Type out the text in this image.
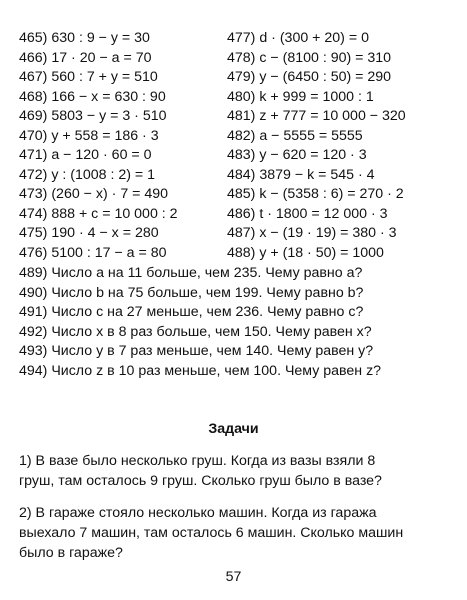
465) 630 : 9 − y = 30
466) 17 · 20 − a = 70
467) 560 : 7 + y = 510
468) 166 − x = 630 : 90
469) 5803 − y = 3 · 510
470) y + 558 = 186 · 3
471) a − 120 · 60 = 0
472) y : (1008 : 2) = 1
473) (260 − x) · 7 = 490
474) 888 + c = 10 000 : 2
475) 190 · 4 − x = 280
476) 5100 : 17 − a = 80
477) d · (300 + 20) = 0
478) c − (8100 : 90) = 310
479) y − (6450 : 50) = 290
480) k + 999 = 1000 : 1
481) z + 777 = 10 000 − 320
482) a − 5555 = 5555
483) y − 620 = 120 · 3
484) 3879 − k = 545 · 4
485) k − (5358 : 6) = 270 · 2
486) t · 1800 = 12 000 · 3
487) x − (19 · 19) = 380 · 3
488) y + (18 · 50) = 1000
489) Число a на 11 больше, чем 235. Чему равно a?
490) Число b на 75 больше, чем 199. Чему равно b?
491) Число c на 27 меньше, чем 236. Чему равно c?
492) Число x в 8 раз больше, чем 150. Чему равен x?
493) Число y в 7 раз меньше, чем 140. Чему равен y?
494) Число z в 10 раз меньше, чем 100. Чему равен z?
Задачи
1) В вазе было несколько груш. Когда из вазы взяли 8
груш, там осталось 9 груш. Сколько груш было в вазе?
2) В гараже стояло несколько машин. Когда из гаража
выехало 7 машин, там осталось 6 машин. Сколько машин
было в гараже?
57
